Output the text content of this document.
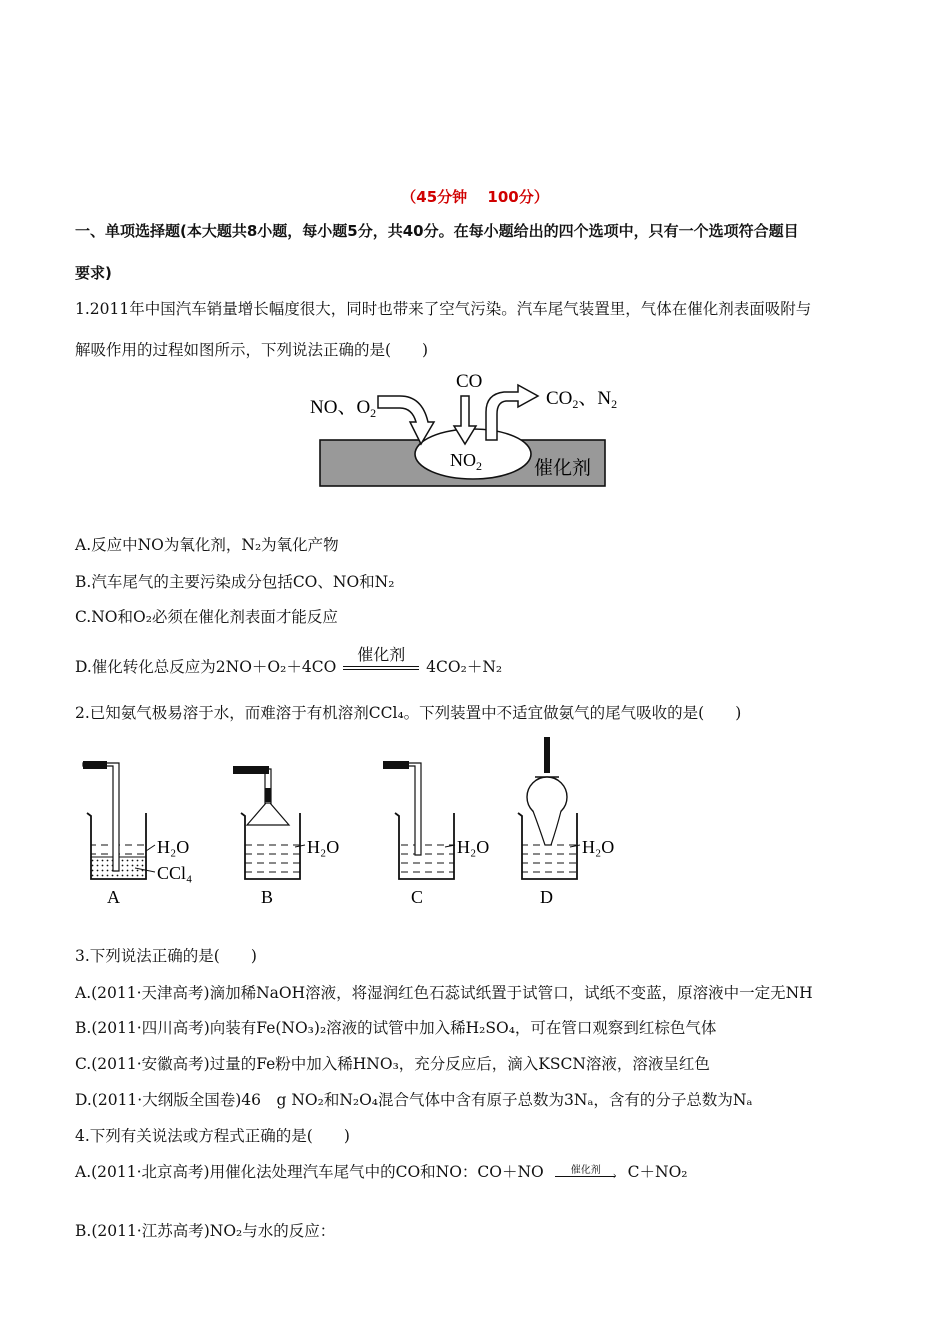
（45分钟　 100分）
一、单项选择题(本大题共8小题，每小题5分，共40分。在每小题给出的四个选项中，只有一个选项符合题目
要求)
1.2011年中国汽车销量增长幅度很大，同时也带来了空气污染。汽车尾气装置里，气体在催化剂表面吸附与
解吸作用的过程如图所示，下列说法正确的是(　　)
NO、$O_2$
CO
$CO_2$、$N_2$
$NO_2$	催化剂
A.反应中NO为氧化剂，N₂为氧化产物
B.汽车尾气的主要污染成分包括CO、NO和N₂
C.NO和O₂必须在催化剂表面才能反应
D.催化转化总反应为2NO＋O₂＋4CO
催化剂
4CO₂＋N₂
2.已知氨气极易溶于水，而难溶于有机溶剂CCl₄。下列装置中不适宜做氨气的尾气吸收的是(　　)
H₂O
CCl₄
A
H₂O
B
H₂O
C
H₂O
D
3.下列说法正确的是(　　)
A.(2011·天津高考)滴加稀NaOH溶液，将湿润红色石蕊试纸置于试管口，试纸不变蓝，原溶液中一定无NH
B.(2011·四川高考)向装有Fe(NO₃)₂溶液的试管中加入稀H₂SO₄，可在管口观察到红棕色气体
C.(2011·安徽高考)过量的Fe粉中加入稀HNO₃，充分反应后，滴入KSCN溶液，溶液呈红色
D.(2011·大纲版全国卷)46　g NO₂和N₂O₄混合气体中含有原子总数为3Nₐ，含有的分子总数为Nₐ
4.下列有关说法或方程式正确的是(　　)
A.(2011·北京高考)用催化法处理汽车尾气中的CO和NO：CO＋NO	催化剂
› C＋NO₂
B.(2011·江苏高考)NO₂与水的反应：
